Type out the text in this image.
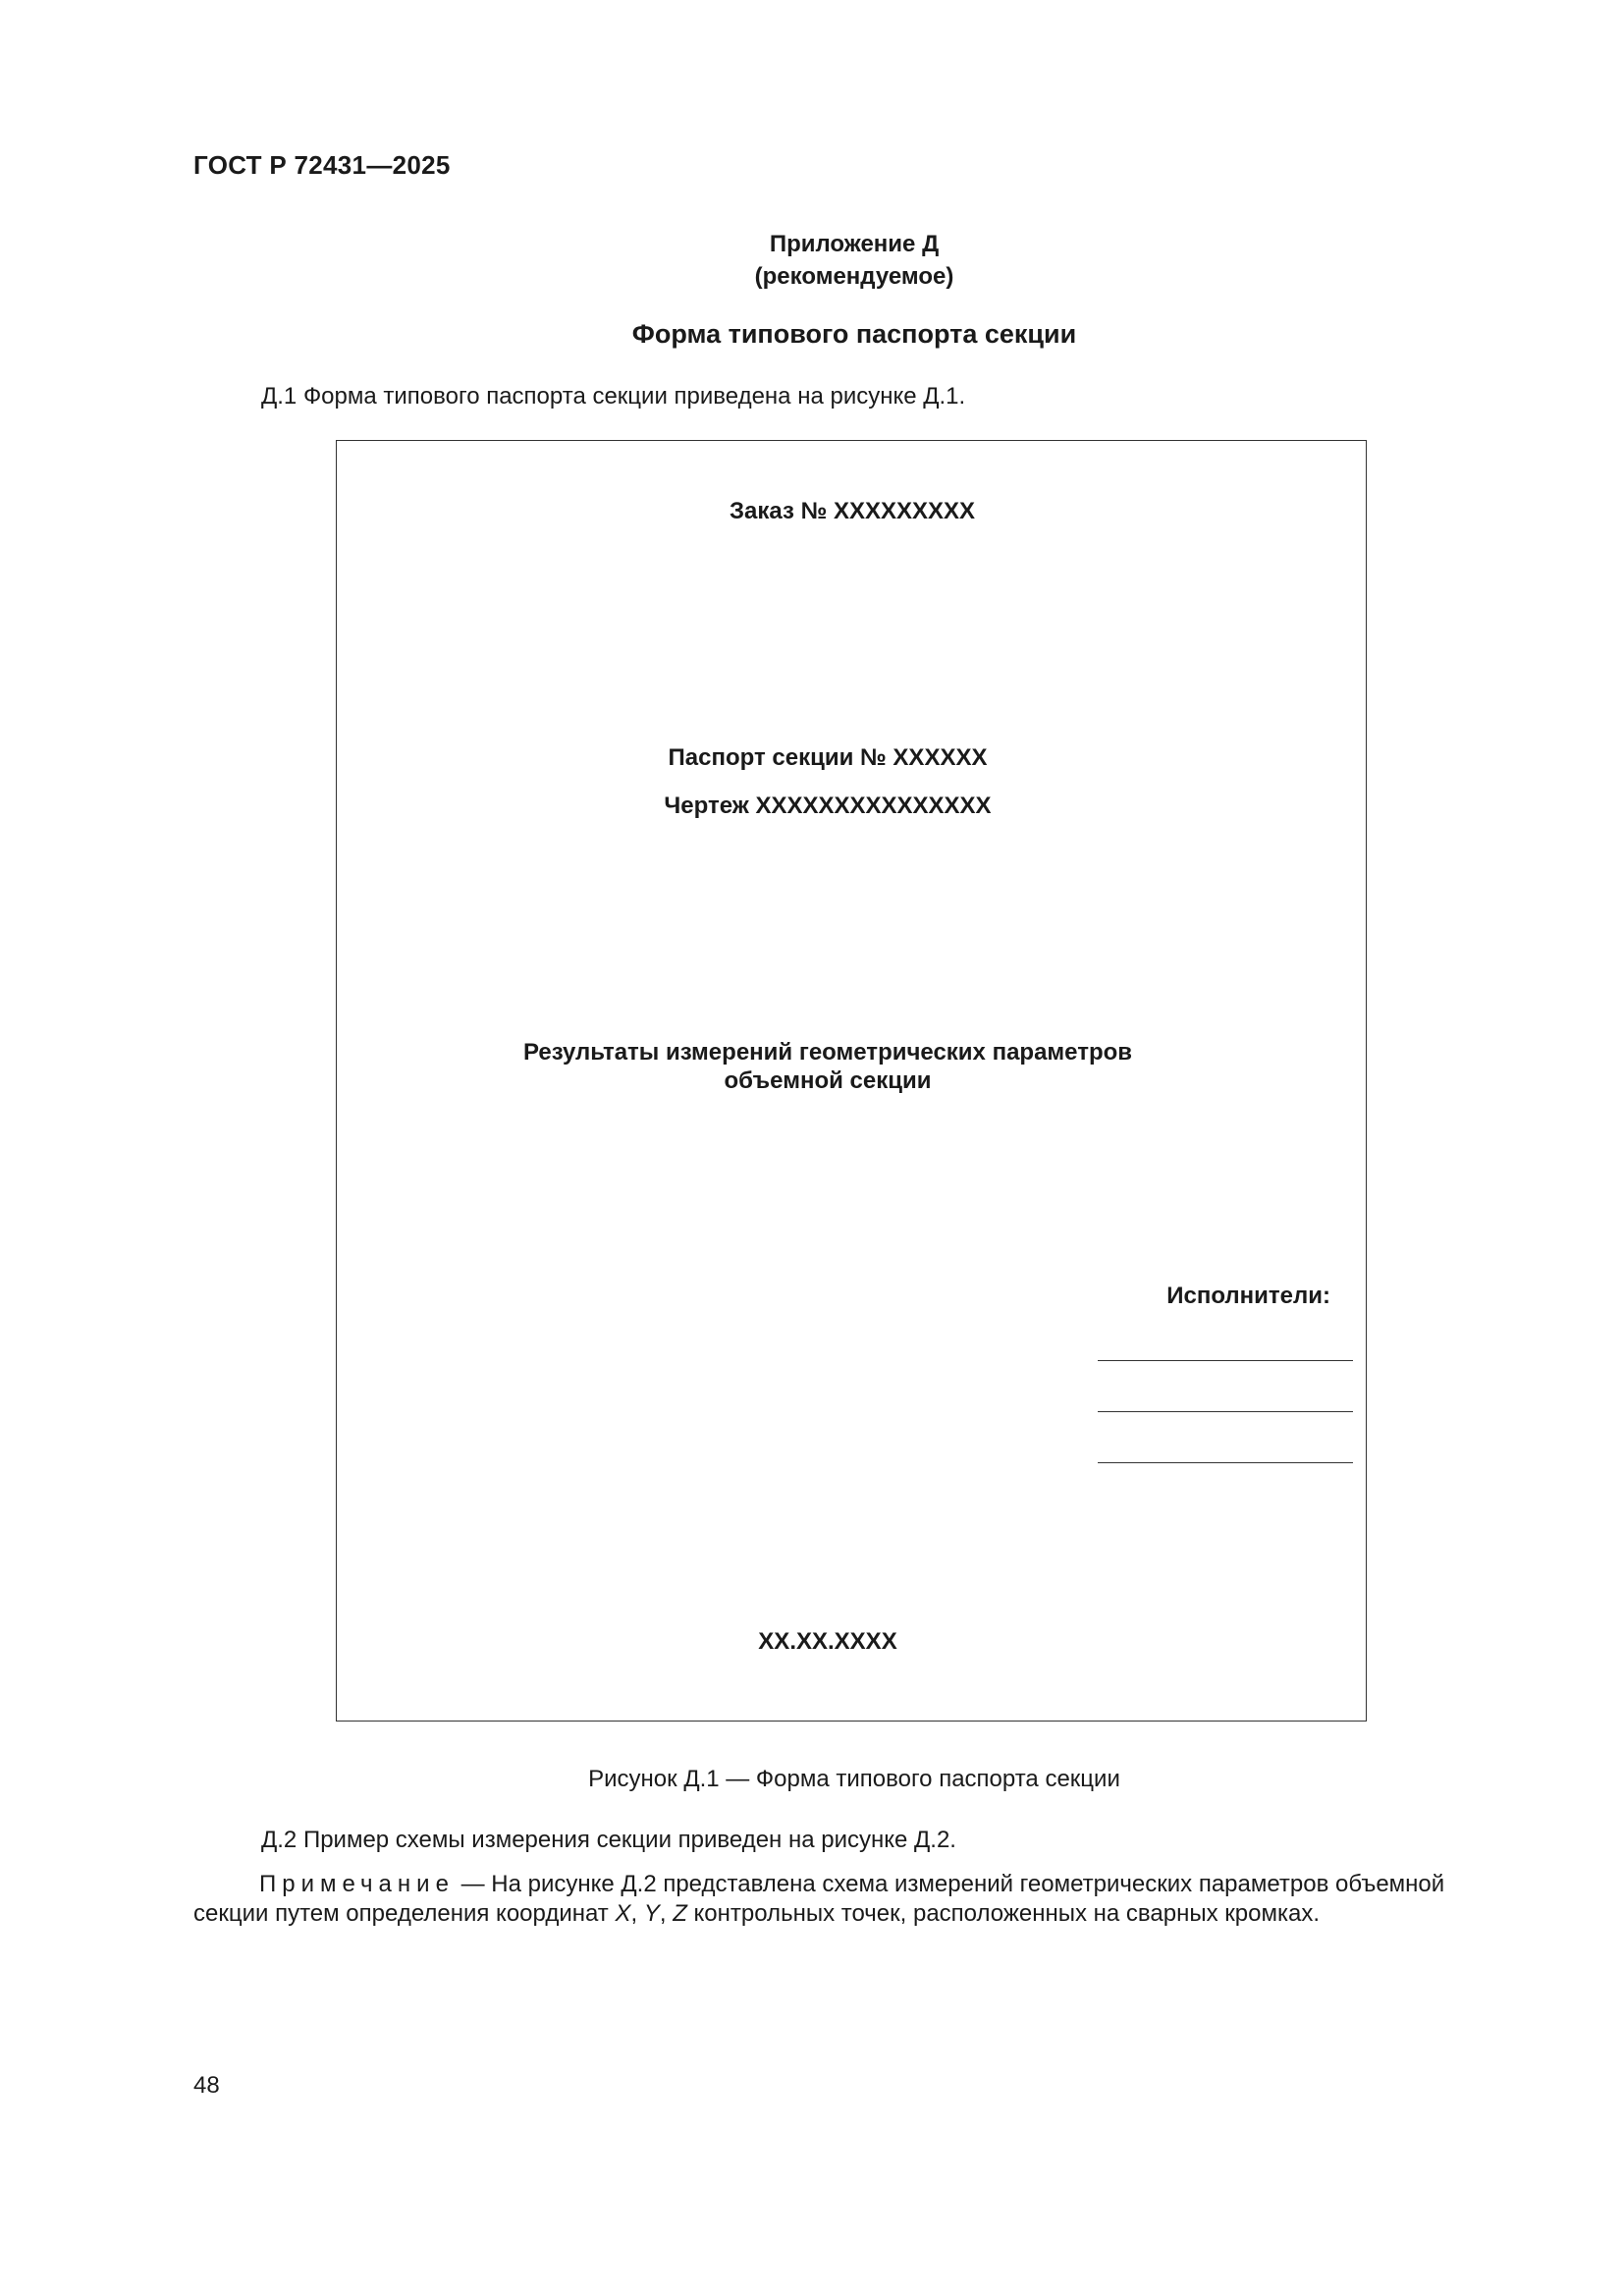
ГОСТ Р 72431—2025
Приложение Д
(рекомендуемое)
Форма типового паспорта секции
Д.1 Форма типового паспорта секции приведена на рисунке Д.1.
Заказ № XXXXXXXXX
Паспорт секции № XXXXXX
Чертеж XXXXXXXXXXXXXXX
Результаты измерений геометрических параметров
объемной секции
Исполнители:
XX.XX.XXXX
Рисунок Д.1 — Форма типового паспорта секции
Д.2 Пример схемы измерения секции приведен на рисунке Д.2.
Примечание — На рисунке Д.2 представлена схема измерений геометрических параметров объемной секции путем определения координат X, Y, Z контрольных точек, расположенных на сварных кромках.
48
